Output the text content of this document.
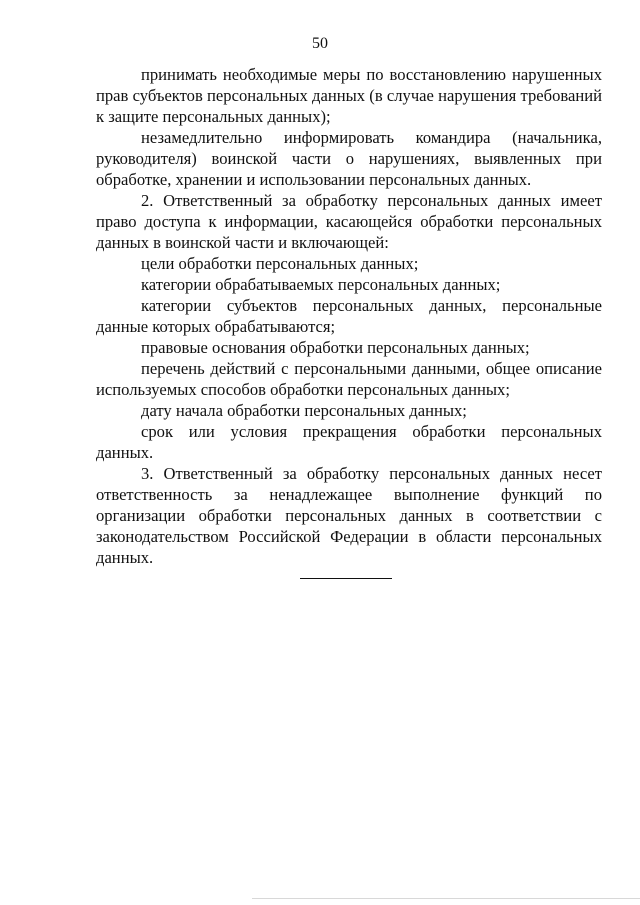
50

принимать необходимые меры по восстановлению нарушенных прав субъектов персональных данных (в случае нарушения требований к защите персональных данных);

незамедлительно информировать командира (начальника, руководителя) воинской части о нарушениях, выявленных при обработке, хранении и использовании персональных данных.

2. Ответственный за обработку персональных данных имеет право доступа к информации, касающейся обработки персональных данных в воинской части и включающей:

цели обработки персональных данных;

категории обрабатываемых персональных данных;

категории субъектов персональных данных, персональные данные которых обрабатываются;

правовые основания обработки персональных данных;

перечень действий с персональными данными, общее описание используемых способов обработки персональных данных;

дату начала обработки персональных данных;

срок или условия прекращения обработки персональных данных.

3. Ответственный за обработку персональных данных несет ответственность за ненадлежащее выполнение функций по организации обработки персональных данных в соответствии с законодательством Российской Федерации в области персональных данных.
